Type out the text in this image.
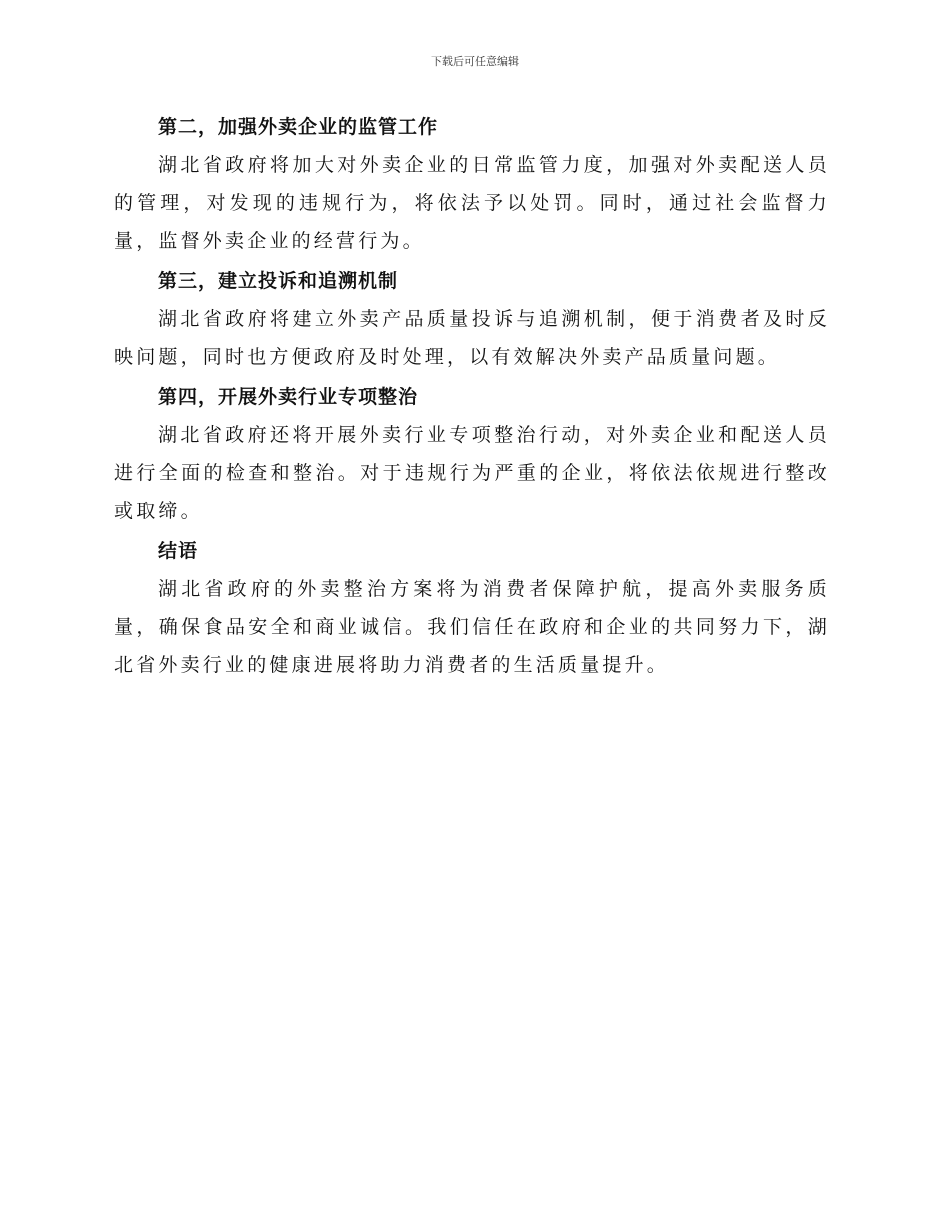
下载后可任意编辑
第二，加强外卖企业的监管工作

湖北省政府将加大对外卖企业的日常监管力度，加强对外卖配送人员的管理，对发现的违规行为，将依法予以处罚。同时，通过社会监督力量，监督外卖企业的经营行为。

第三，建立投诉和追溯机制

湖北省政府将建立外卖产品质量投诉与追溯机制，便于消费者及时反映问题，同时也方便政府及时处理，以有效解决外卖产品质量问题。

第四，开展外卖行业专项整治

湖北省政府还将开展外卖行业专项整治行动，对外卖企业和配送人员进行全面的检查和整治。对于违规行为严重的企业，将依法依规进行整改或取缔。

结语

湖北省政府的外卖整治方案将为消费者保障护航，提高外卖服务质量，确保食品安全和商业诚信。我们信任在政府和企业的共同努力下，湖北省外卖行业的健康进展将助力消费者的生活质量提升。
